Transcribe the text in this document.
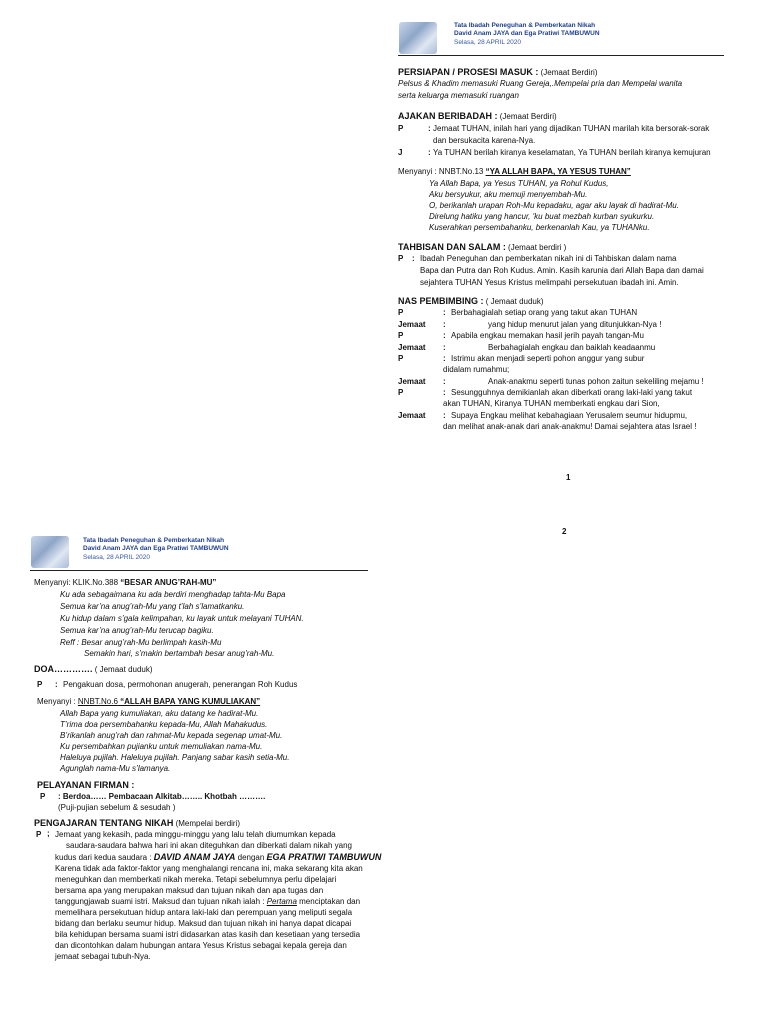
Tata Ibadah Peneguhan & Pemberkatan Nikah
David Anam JAYA dan Ega Pratiwi TAMBUWUN
Selasa, 28 APRIL 2020
PERSIAPAN / PROSESI MASUK : (Jemaat Berdiri)
Pelsus & Khadim memasuki Ruang Gereja,.Mempelai pria dan Mempelai wanita
serta keluarga memasuki ruangan
AJAKAN BERIBADAH : (Jemaat Berdiri)
P	: Jemaat TUHAN, inilah hari yang dijadikan TUHAN marilah kita bersorak-sorak
dan bersukacita karena-Nya.
J	: Ya TUHAN berilah kiranya keselamatan, Ya TUHAN berilah kiranya kemujuran
Menyanyi : NNBT.No.13 “YA ALLAH BAPA, YA YESUS TUHAN”
Ya Allah Bapa, ya Yesus TUHAN, ya Rohul Kudus,
Aku bersyukur, aku memuji menyembah-Mu.
O, berikanlah urapan Roh-Mu kepadaku, agar aku layak di hadirat-Mu.
Direlung hatiku yang hancur, 'ku buat mezbah kurban syukurku.
Kuserahkan persembahanku, berkenanlah Kau, ya TUHANku.
TAHBISAN DAN SALAM : (Jemaat berdiri )
P : Ibadah Peneguhan dan pemberkatan nikah ini di Tahbiskan dalam nama
Bapa dan Putra dan Roh Kudus. Amin. Kasih karunia dari Allah Bapa dan damai
sejahtera TUHAN Yesus Kristus melimpahi persekutuan ibadah ini. Amin.
NAS PEMBIMBING : ( Jemaat duduk)
P	: Berbahagialah setiap orang yang takut akan TUHAN
Jemaat :	yang hidup menurut jalan yang ditunjukkan-Nya !
P	: Apabila engkau memakan hasil jerih payah tangan-Mu
Jemaat :	Berbahagialah engkau dan baiklah keadaanmu
P	: Istrimu akan menjadi seperti pohon anggur yang subur
didalam rumahmu;
Jemaat :	Anak-anakmu seperti tunas pohon zaitun sekeliling mejamu !
P	: Sesungguhnya demikianlah akan diberkati orang laki-laki yang takut
akan TUHAN, Kiranya TUHAN memberkati engkau dari Sion,
Jemaat : Supaya Engkau melihat kebahagiaan Yerusalem seumur hidupmu,
dan melihat anak-anak dari anak-anakmu! Damai sejahtera atas Israel !
1
2
Tata Ibadah Peneguhan & Pemberkatan Nikah
David Anam JAYA dan Ega Pratiwi TAMBUWUN
Selasa, 28 APRIL 2020
Menyanyi: KLIK.No.388 “BESAR ANUG’RAH-MU”
Ku ada sebagaimana ku ada berdiri menghadap tahta-Mu Bapa
Semua kar’na anug’rah-Mu yang t’lah s’lamatkanku.
Ku hidup dalam s’gala kelimpahan, ku layak untuk melayani TUHAN.
Semua kar’na anug’rah-Mu terucap bagiku.
Reff : Besar anug’rah-Mu berlimpah kasih-Mu
Semakin hari, s’makin bertambah besar anug’rah-Mu.
DOA…………. ( Jemaat duduk)
P : Pengakuan dosa, permohonan anugerah, penerangan Roh Kudus
Menyanyi : NNBT.No.6 “ALLAH BAPA YANG KUMULIAKAN”
Allah Bapa yang kumuliakan, aku datang ke hadirat-Mu.
T’rima doa persembahanku kepada-Mu, Allah Mahakudus.
B’rikanlah anug’rah dan rahmat-Mu kepada segenap umat-Mu.
Ku persembahkan pujianku untuk memuliakan nama-Mu.
Haleluya pujilah. Haleluya pujilah. Panjang sabar kasih setia-Mu.
Agunglah nama-Mu s’lamanya.
PELAYANAN FIRMAN :
P : Berdoa…… Pembacaan Alkitab…….. Khotbah ……….
(Puji-pujian sebelum & sesudah )
PENGAJARAN TENTANG NIKAH (Mempelai berdiri)
P ; Jemaat yang kekasih, pada minggu-minggu yang lalu telah diumumkan kepada
saudara-saudara bahwa hari ini akan diteguhkan dan diberkati dalam nikah yang
kudus dari kedua saudara : DAVID ANAM JAYA dengan EGA PRATIWI TAMBUWUN
Karena tidak ada faktor-faktor yang menghalangi rencana ini, maka sekarang kita akan
meneguhkan dan memberkati nikah mereka. Tetapi sebelumnya perlu dipelajari
bersama apa yang merupakan maksud dan tujuan nikah dan apa tugas dan
tanggungjawab suami istri. Maksud dan tujuan nikah ialah : Pertama menciptakan dan
memelihara persekutuan hidup antara laki-laki dan perempuan yang meliputi segala
bidang dan berlaku seumur hidup. Maksud dan tujuan nikah ini hanya dapat dicapai
bila kehidupan bersama suami istri didasarkan atas kasih dan kesetiaan yang tersedia
dan dicontohkan dalam hubungan antara Yesus Kristus sebagai kepala gereja dan
jemaat sebagai tubuh-Nya.
